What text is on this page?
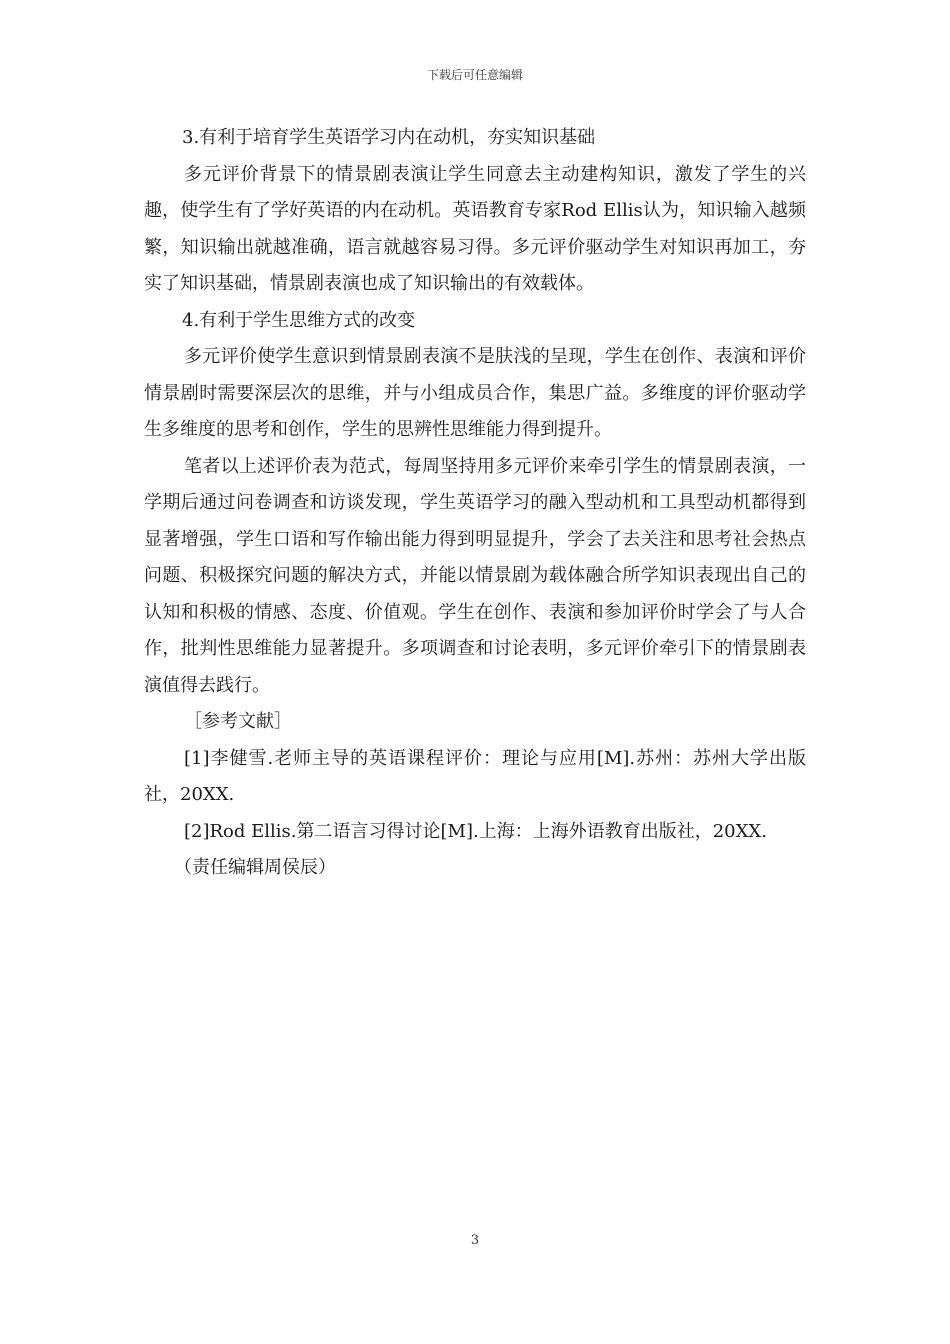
下载后可任意编辑

3.有利于培育学生英语学习内在动机，夯实知识基础

多元评价背景下的情景剧表演让学生同意去主动建构知识，激发了学生的兴趣，使学生有了学好英语的内在动机。英语教育专家Rod Ellis认为，知识输入越频繁，知识输出就越准确，语言就越容易习得。多元评价驱动学生对知识再加工，夯实了知识基础，情景剧表演也成了知识输出的有效载体。

4.有利于学生思维方式的改变

多元评价使学生意识到情景剧表演不是肤浅的呈现，学生在创作、表演和评价情景剧时需要深层次的思维，并与小组成员合作，集思广益。多维度的评价驱动学生多维度的思考和创作，学生的思辨性思维能力得到提升。

笔者以上述评价表为范式，每周坚持用多元评价来牵引学生的情景剧表演，一学期后通过问卷调查和访谈发现，学生英语学习的融入型动机和工具型动机都得到显著增强，学生口语和写作输出能力得到明显提升，学会了去关注和思考社会热点问题、积极探究问题的解决方式，并能以情景剧为载体融合所学知识表现出自己的认知和积极的情感、态度、价值观。学生在创作、表演和参加评价时学会了与人合作，批判性思维能力显著提升。多项调查和讨论表明，多元评价牵引下的情景剧表演值得去践行。

［参考文献］

[1]李健雪.老师主导的英语课程评价：理论与应用[M].苏州：苏州大学出版社，20XX.

[2]Rod Ellis.第二语言习得讨论[M].上海：上海外语教育出版社，20XX.

（责任编辑周侯辰）

3
